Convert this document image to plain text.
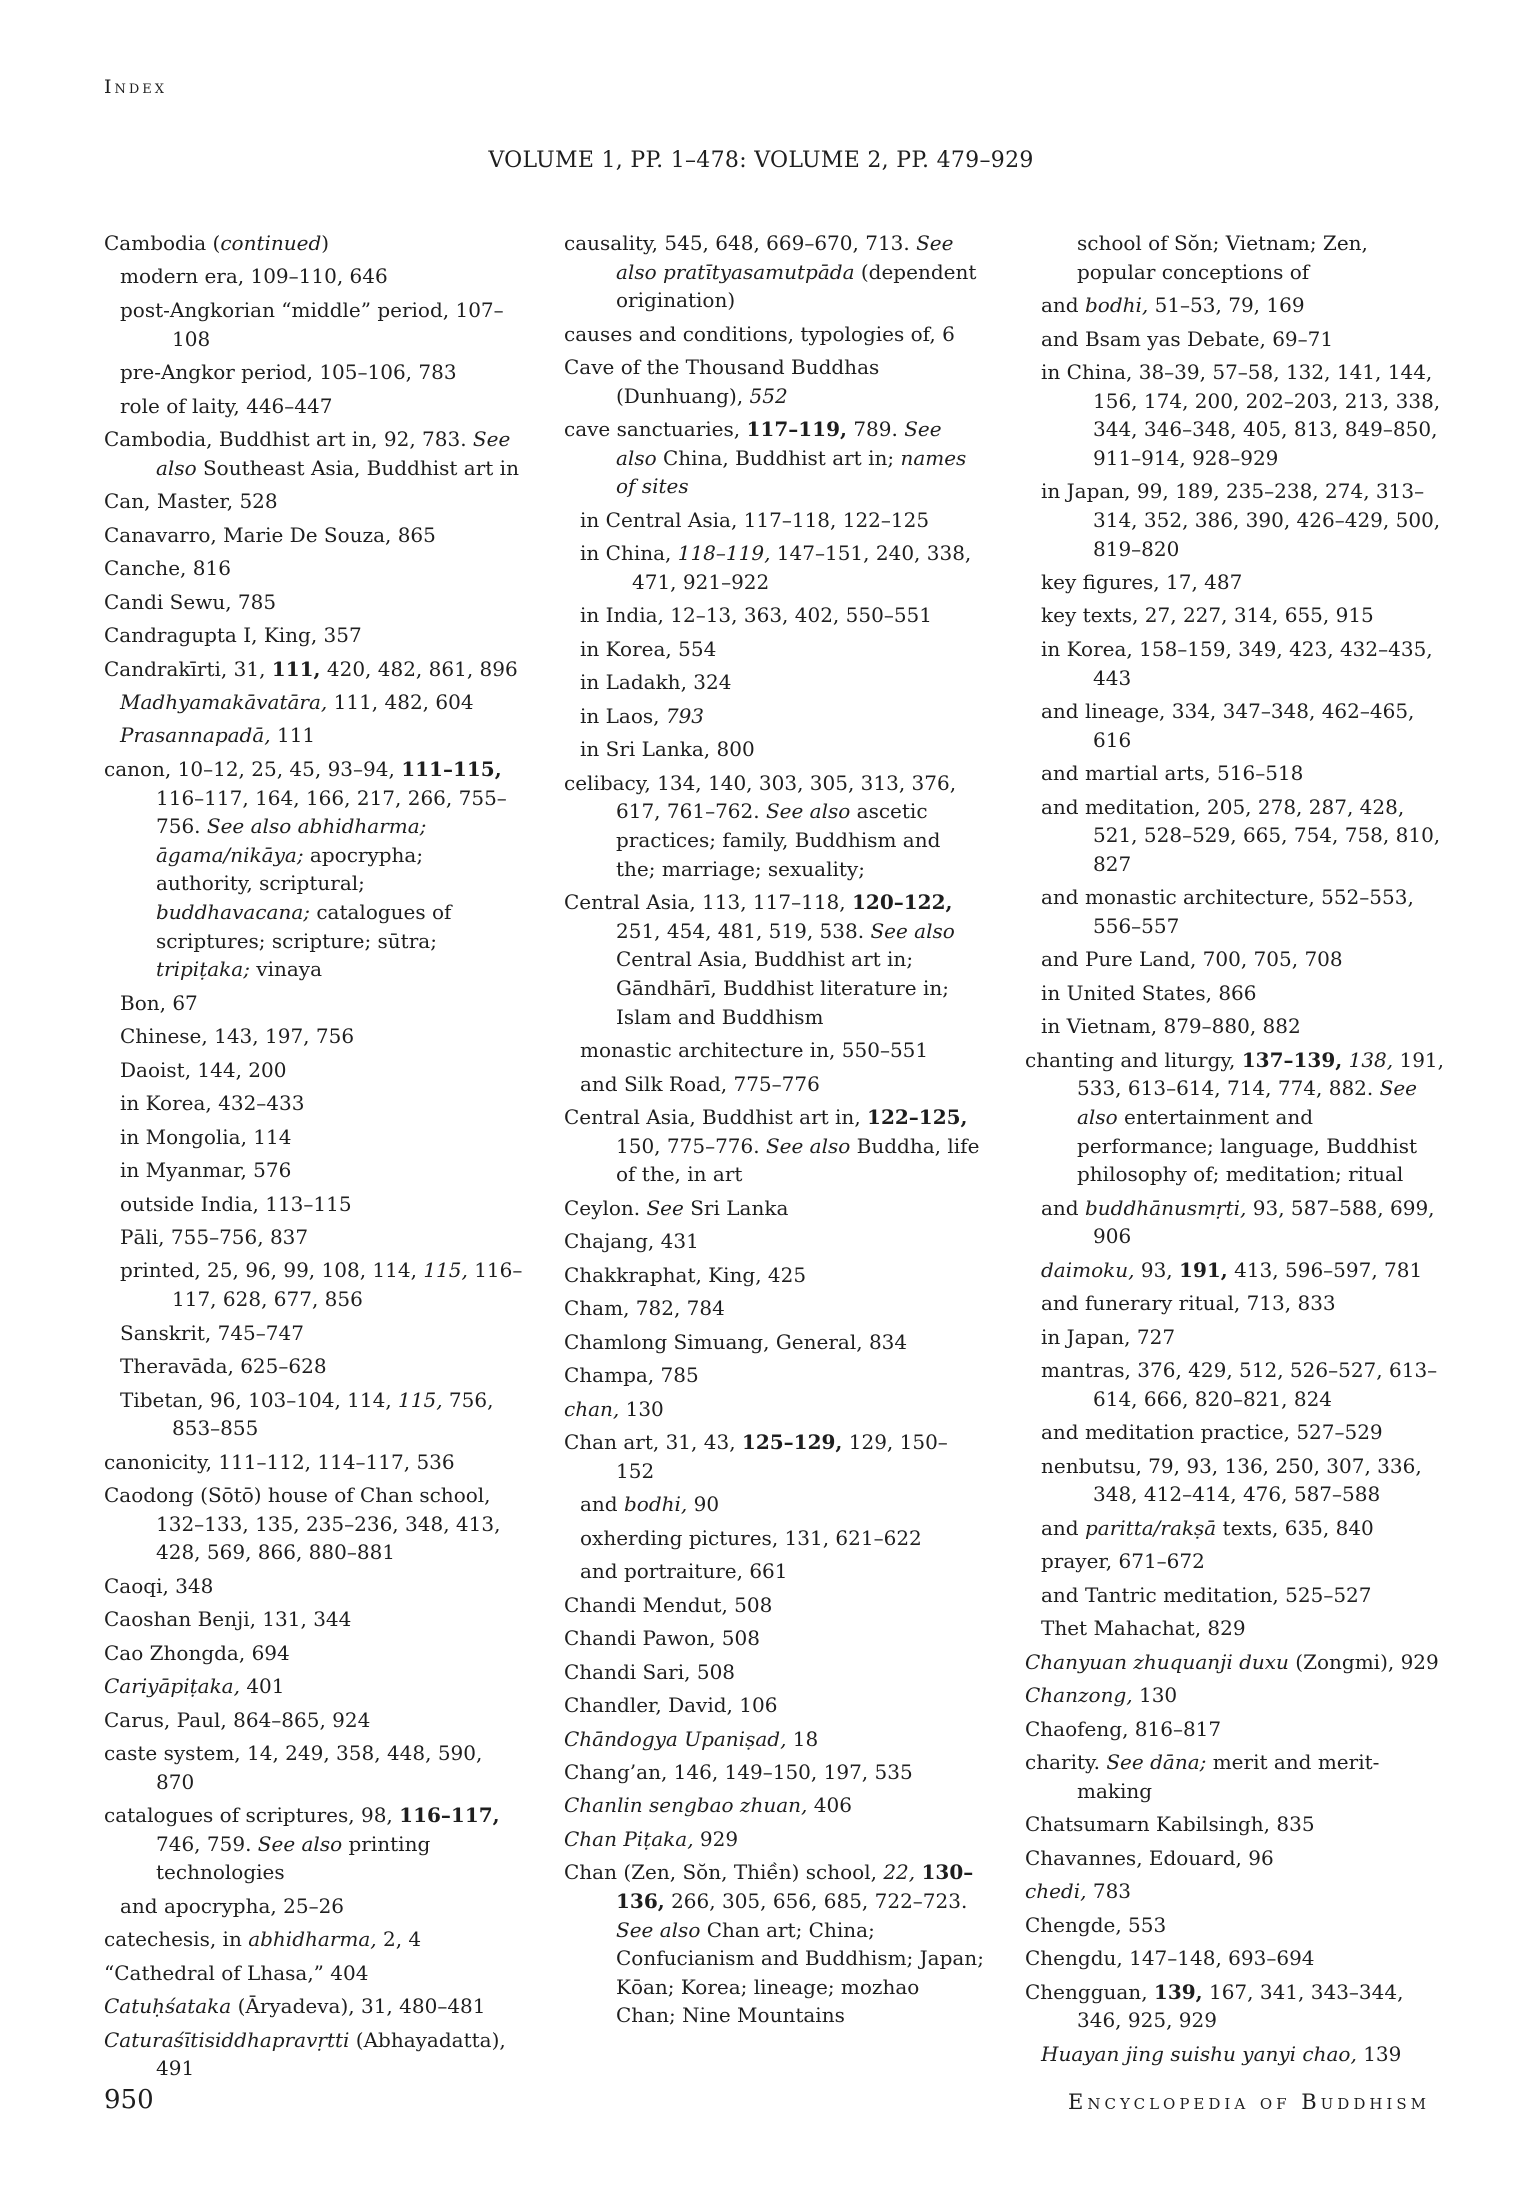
Index
VOLUME 1, PP. 1–478: VOLUME 2, PP. 479–929

Cambodia (continued)

modern era, 109–110, 646

post-Angkorian “middle” period, 107–108

pre-Angkor period, 105–106, 783

role of laity, 446–447

Cambodia, Buddhist art in, 92, 783. See also Southeast Asia, Buddhist art in

Can, Master, 528

Canavarro, Marie De Souza, 865

Canche, 816

Candi Sewu, 785

Candragupta I, King, 357

Candrakīrti, 31, 111, 420, 482, 861, 896

Madhyamakāvatāra, 111, 482, 604

Prasannapadā, 111

canon, 10–12, 25, 45, 93–94, 111–115, 116–117, 164, 166, 217, 266, 755–756. See also abhidharma; āgama/nikāya; apocrypha; authority, scriptural; buddhavacana; catalogues of scriptures; scripture; sūtra; tripiṭaka; vinaya

Bon, 67

Chinese, 143, 197, 756

Daoist, 144, 200

in Korea, 432–433

in Mongolia, 114

in Myanmar, 576

outside India, 113–115

Pāli, 755–756, 837

printed, 25, 96, 99, 108, 114, 115, 116–117, 628, 677, 856

Sanskrit, 745–747

Theravāda, 625–628

Tibetan, 96, 103–104, 114, 115, 756, 853–855

canonicity, 111–112, 114–117, 536

Caodong (Sōtō) house of Chan school, 132–133, 135, 235–236, 348, 413, 428, 569, 866, 880–881

Caoqi, 348

Caoshan Benji, 131, 344

Cao Zhongda, 694

Cariyāpiṭaka, 401

Carus, Paul, 864–865, 924

caste system, 14, 249, 358, 448, 590, 870

catalogues of scriptures, 98, 116–117, 746, 759. See also printing technologies

and apocrypha, 25–26

catechesis, in abhidharma, 2, 4

“Cathedral of Lhasa,” 404

Catuḥśataka (Āryadeva), 31, 480–481

Caturaśītisiddhapravṛtti (Abhayadatta), 491

causality, 545, 648, 669–670, 713. See also pratītyasamutpāda (dependent origination)

causes and conditions, typologies of, 6

Cave of the Thousand Buddhas (Dunhuang), 552

cave sanctuaries, 117–119, 789. See also China, Buddhist art in; names of sites

in Central Asia, 117–118, 122–125

in China, 118–119, 147–151, 240, 338, 471, 921–922

in India, 12–13, 363, 402, 550–551

in Korea, 554

in Ladakh, 324

in Laos, 793

in Sri Lanka, 800

celibacy, 134, 140, 303, 305, 313, 376, 617, 761–762. See also ascetic practices; family, Buddhism and the; marriage; sexuality;

Central Asia, 113, 117–118, 120–122, 251, 454, 481, 519, 538. See also Central Asia, Buddhist art in; Gāndhārī, Buddhist literature in; Islam and Buddhism

monastic architecture in, 550–551

and Silk Road, 775–776

Central Asia, Buddhist art in, 122–125, 150, 775–776. See also Buddha, life of the, in art

Ceylon. See Sri Lanka

Chajang, 431

Chakkraphat, King, 425

Cham, 782, 784

Chamlong Simuang, General, 834

Champa, 785

chan, 130

Chan art, 31, 43, 125–129, 129, 150–152

and bodhi, 90

oxherding pictures, 131, 621–622

and portraiture, 661

Chandi Mendut, 508

Chandi Pawon, 508

Chandi Sari, 508

Chandler, David, 106

Chāndogya Upaniṣad, 18

Chang’an, 146, 149–150, 197, 535

Chanlin sengbao zhuan, 406

Chan Piṭaka, 929

Chan (Zen, Sŏn, Thiền) school, 22, 130–136, 266, 305, 656, 685, 722–723. See also Chan art; China; Confucianism and Buddhism; Japan; Kōan; Korea; lineage; mozhao Chan; Nine Mountains

school of Sŏn; Vietnam; Zen, popular conceptions of

and bodhi, 51–53, 79, 169

and Bsam yas Debate, 69–71

in China, 38–39, 57–58, 132, 141, 144, 156, 174, 200, 202–203, 213, 338, 344, 346–348, 405, 813, 849–850, 911–914, 928–929

in Japan, 99, 189, 235–238, 274, 313–314, 352, 386, 390, 426–429, 500, 819–820

key figures, 17, 487

key texts, 27, 227, 314, 655, 915

in Korea, 158–159, 349, 423, 432–435, 443

and lineage, 334, 347–348, 462–465, 616

and martial arts, 516–518

and meditation, 205, 278, 287, 428, 521, 528–529, 665, 754, 758, 810, 827

and monastic architecture, 552–553, 556–557

and Pure Land, 700, 705, 708

in United States, 866

in Vietnam, 879–880, 882

chanting and liturgy, 137–139, 138, 191, 533, 613–614, 714, 774, 882. See also entertainment and performance; language, Buddhist philosophy of; meditation; ritual

and buddhānusmṛti, 93, 587–588, 699, 906

daimoku, 93, 191, 413, 596–597, 781

and funerary ritual, 713, 833

in Japan, 727

mantras, 376, 429, 512, 526–527, 613–614, 666, 820–821, 824

and meditation practice, 527–529

nenbutsu, 79, 93, 136, 250, 307, 336, 348, 412–414, 476, 587–588

and paritta/rakṣā texts, 635, 840

prayer, 671–672

and Tantric meditation, 525–527

Thet Mahachat, 829

Chanyuan zhuquanji duxu (Zongmi), 929

Chanzong, 130

Chaofeng, 816–817

charity. See dāna; merit and merit-making

Chatsumarn Kabilsingh, 835

Chavannes, Edouard, 96

chedi, 783

Chengde, 553

Chengdu, 147–148, 693–694

Chengguan, 139, 167, 341, 343–344, 346, 925, 929

Huayan jing suishu yanyi chao, 139

950	Encyclopedia of Buddhism
